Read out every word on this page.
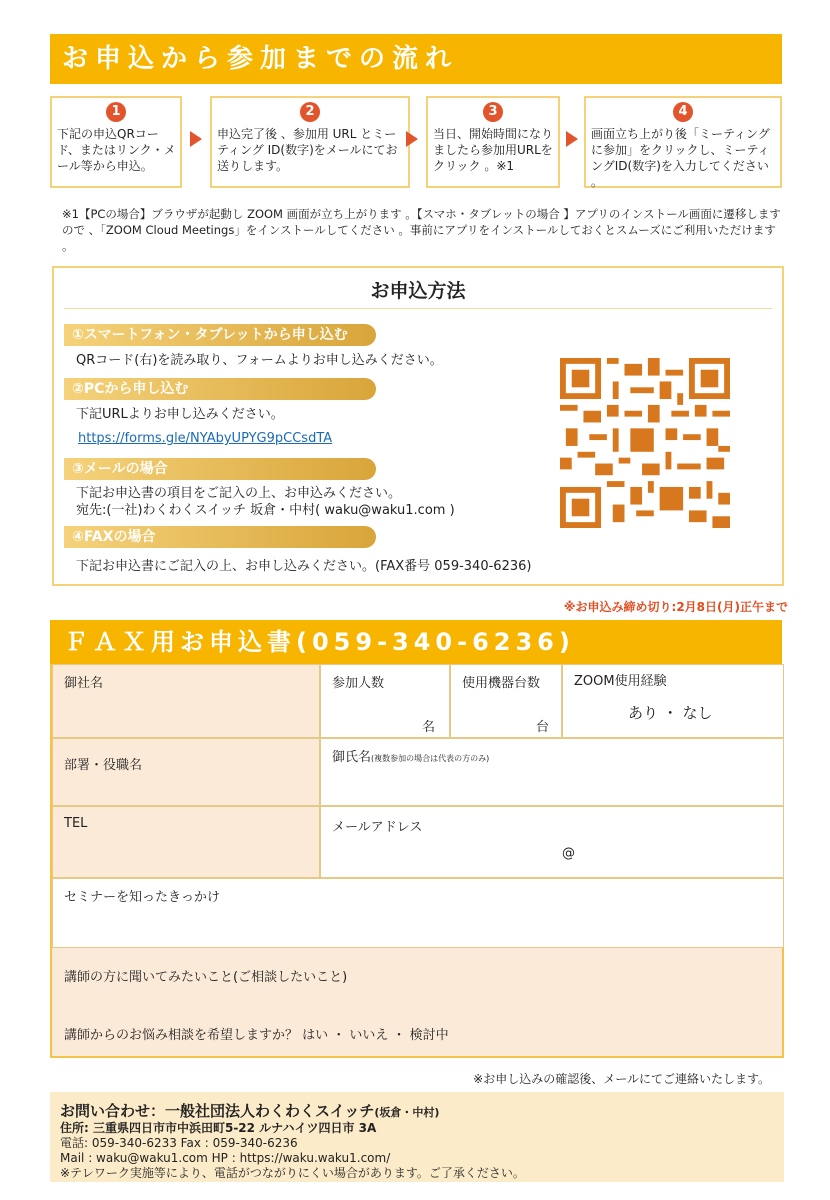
お申込から参加までの流れ
1
下記の申込QRコード、またはリンク・メール等から申込。
2
申込完了後 、参加用 URL とミーティング ID(数字)をメールにてお送りします。
3
当日、開始時間になりましたら参加用URLをクリック 。※1
4
画面立ち上がり後「ミーティングに参加」をクリックし、ミーティングID(数字)を入力してください 。
※1【PCの場合】ブラウザが起動し ZOOM 画面が立ち上がります 。【スマホ・タブレットの場合 】アプリのインストール画面に遷移しますので 、「ZOOM Cloud Meetings」をインストールしてください 。事前にアプリをインストールしておくとスムーズにご利用いただけます 。
お申込方法
①スマートフォン・タブレットから申し込む
QRコード(右)を読み取り、フォームよりお申し込みください。
②PCから申し込む
下記URLよりお申し込みください。
https://forms.gle/NYAbyUPYG9pCCsdTA
③メールの場合
下記お申込書の項目をご記入の上、お申込みください。
宛先:(一社)わくわくスイッチ 坂倉・中村( waku@waku1.com )
④FAXの場合
下記お申込書にご記入の上、お申し込みください。(FAX番号 059-340-6236)
※お申込み締め切り:2月8日(月)正午まで
ＦＡＸ用お申込書(059-340-6236)
御社名	参加人数
名
使用機器台数
台
ZOOM使用経験
あり ・ なし
部署・役職名
御氏名(複数参加の場合は代表の方のみ)
TEL	メールアドレス
@
セミナーを知ったきっかけ
講師の方に聞いてみたいこと(ご相談したいこと)
講師からのお悩み相談を希望しますか？ はい ・ いいえ ・ 検討中
※お申し込みの確認後、メールにてご連絡いたします。
お問い合わせ：一般社団法人わくわくスイッチ(坂倉・中村)
住所: 三重県四日市市中浜田町5-22 ルナハイツ四日市 3A
電話: 059-340-6233 Fax : 059-340-6236
Mail : waku@waku1.com HP : https://waku.waku1.com/
※テレワーク実施等により、電話がつながりにくい場合があります。ご了承ください。
